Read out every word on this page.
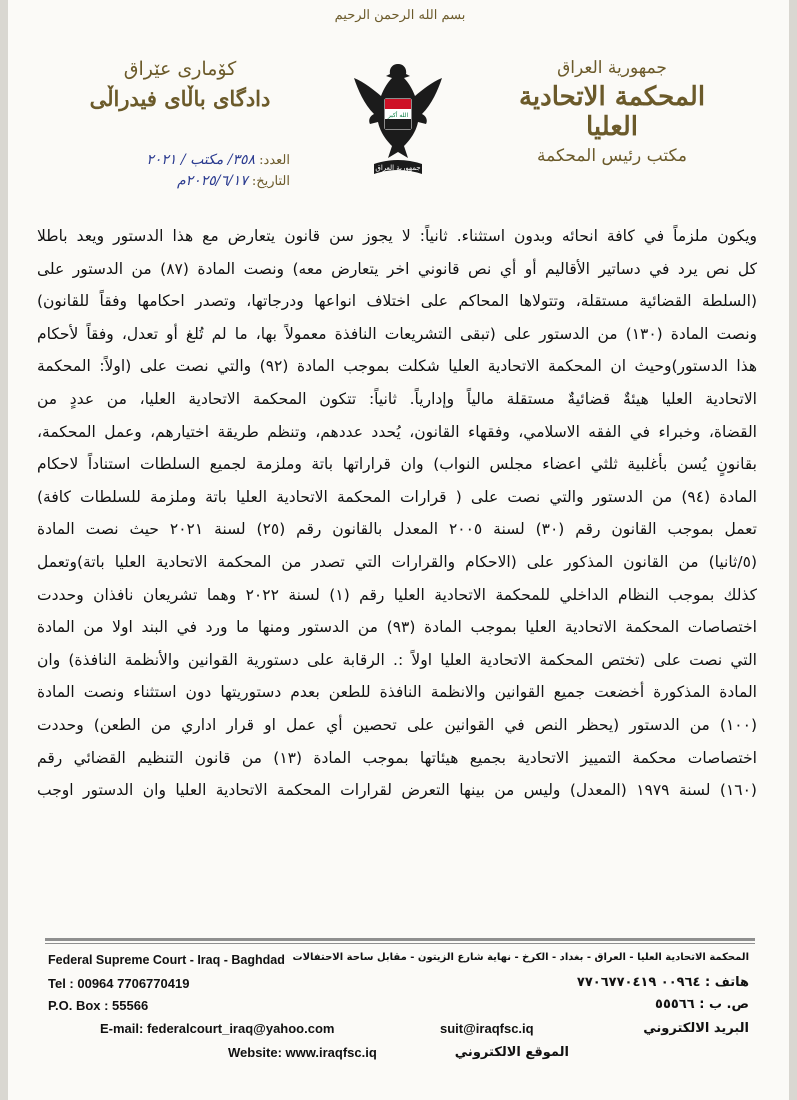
بسم الله الرحمن الرحيم
جمهورية العراق
المحكمة الاتحادية العليا
مكتب رئيس المحكمة
كۆماری عێراق
دادگای باڵای فیدراڵی
العدد: ٣٥٨/ مكتب / ٢٠٢١
التاريخ: ٢٠٢٥/٦/١٧م
الله أكبر
جمهورية العراق

ويكون ملزماً في كافة انحائه وبدون استثناء. ثانياً: لا يجوز سن قانون يتعارض مع هذا الدستور ويعد باطلا

كل نص يرد في دساتير الأقاليم أو أي نص قانوني اخر يتعارض معه) ونصت المادة (٨٧) من الدستور على

(السلطة القضائية مستقلة، وتتولاها المحاكم على اختلاف انواعها ودرجاتها، وتصدر احكامها وفقاً للقانون)

ونصت المادة (١٣٠) من الدستور على (تبقى التشريعات النافذة معمولاً بها، ما لم تُلغ أو تعدل، وفقاً لأحكام

هذا الدستور)وحيث ان المحكمة الاتحادية العليا شكلت بموجب المادة (٩٢) والتي نصت على (اولاً: المحكمة

الاتحادية العليا هيئةٌ قضائيةٌ مستقلة مالياً وإدارياً. ثانياً: تتكون المحكمة الاتحادية العليا، من عددٍ من

القضاة، وخبراء في الفقه الاسلامي، وفقهاء القانون، يُحدد عددهم، وتنظم طريقة اختيارهم، وعمل المحكمة،

بقانونٍ يُسن بأغلبية ثلثي اعضاء مجلس النواب) وان قراراتها باتة وملزمة لجميع السلطات استناداً لاحكام

المادة (٩٤) من الدستور والتي نصت على ( قرارات المحكمة الاتحادية العليا باتة وملزمة للسلطات كافة)

تعمل بموجب القانون رقم (٣٠) لسنة ٢٠٠٥ المعدل بالقانون رقم (٢٥) لسنة ٢٠٢١ حيث نصت المادة

(٥/ثانيا) من القانون المذكور على (الاحكام والقرارات التي تصدر من المحكمة الاتحادية العليا باتة)وتعمل

كذلك بموجب النظام الداخلي للمحكمة الاتحادية العليا رقم (١) لسنة ٢٠٢٢ وهما تشريعان نافذان وحددت

اختصاصات المحكمة الاتحادية العليا بموجب المادة (٩٣) من الدستور ومنها ما ورد في البند اولا من المادة

التي نصت على (تختص المحكمة الاتحادية العليا اولاً :. الرقابة على دستورية القوانين والأنظمة النافذة) وان

المادة المذكورة أخضعت جميع القوانين والانظمة النافذة للطعن بعدم دستوريتها دون استثناء ونصت المادة

(١٠٠) من الدستور (يحظر النص في القوانين على تحصين أي عمل او قرار اداري من الطعن) وحددت

اختصاصات محكمة التمييز الاتحادية بجميع هيئاتها بموجب المادة (١٣) من قانون التنظيم القضائي رقم

(١٦٠) لسنة ١٩٧٩ (المعدل) وليس من بينها التعرض لقرارات المحكمة الاتحادية العليا وان الدستور اوجب

Federal Supreme Court - Iraq - Baghdad المحكمة الاتحادية العليا - العراق - بغداد - الكرخ - نهاية شارع الزيتون - مقابل ساحة الاحتفالات
Tel : 00964 7706770419	هاتف : ٠٠٩٦٤ ٧٧٠٦٧٧٠٤١٩
P.O. Box : 55566	ص. ب : ٥٥٥٦٦
E-mail: federalcourt_iraq@yahoo.com	suit@iraqfsc.iq	البريد الالكتروني
Website: www.iraqfsc.iq	الموقع الالكتروني
